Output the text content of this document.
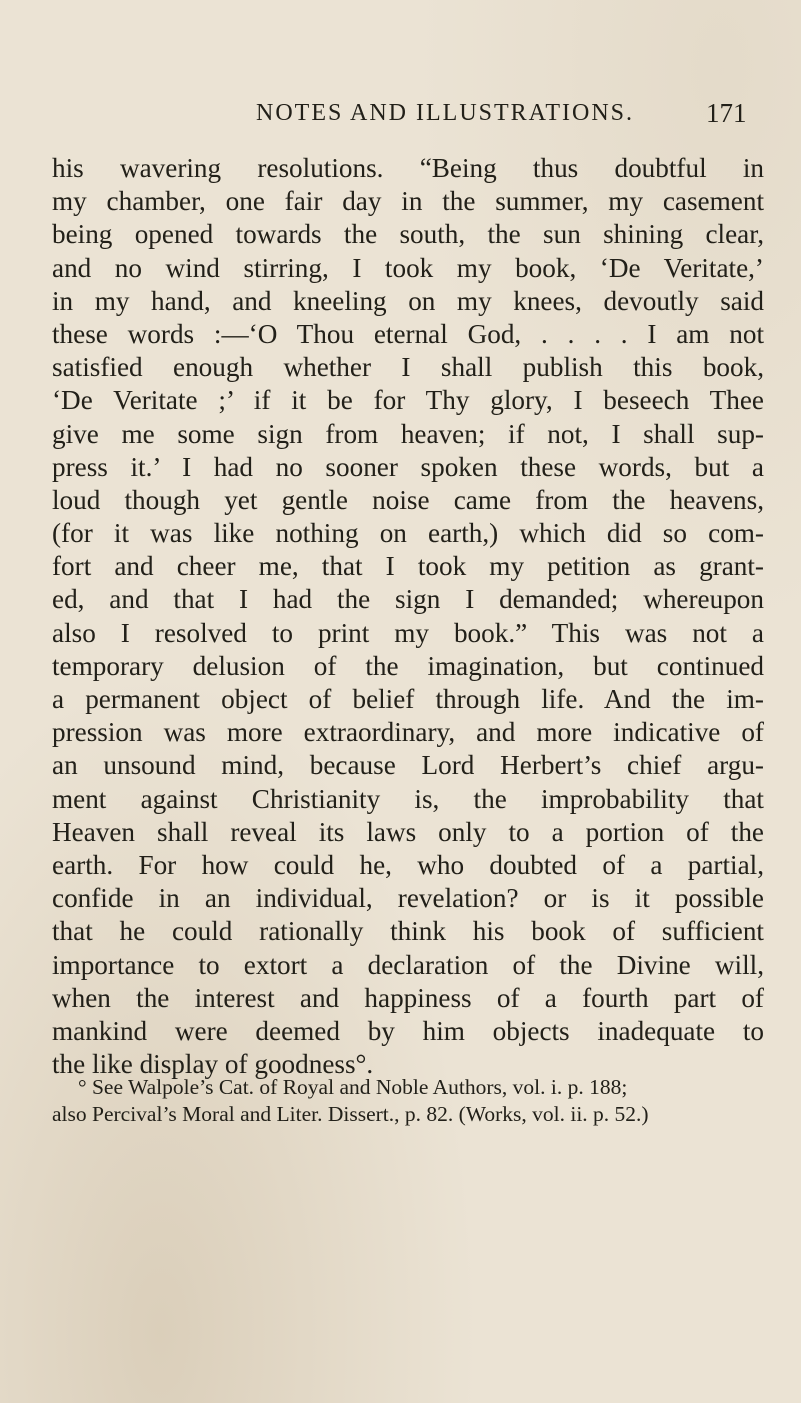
NOTES AND ILLUSTRATIONS.	171
his wavering resolutions. “Being thus doubtful in
my chamber, one fair day in the summer, my casement
being opened towards the south, the sun shining clear,
and no wind stirring, I took my book, ‘De Veritate,’
in my hand, and kneeling on my knees, devoutly said
these words :—‘O Thou eternal God, . . . . I am not
satisfied enough whether I shall publish this book,
‘De Veritate ;’ if it be for Thy glory, I beseech Thee
give me some sign from heaven; if not, I shall sup-
press it.’ I had no sooner spoken these words, but a
loud though yet gentle noise came from the heavens,
(for it was like nothing on earth,) which did so com-
fort and cheer me, that I took my petition as grant-
ed, and that I had the sign I demanded; whereupon
also I resolved to print my book.” This was not a
temporary delusion of the imagination, but continued
a permanent object of belief through life. And the im-
pression was more extraordinary, and more indicative of
an unsound mind, because Lord Herbert’s chief argu-
ment against Christianity is, the improbability that
Heaven shall reveal its laws only to a portion of the
earth. For how could he, who doubted of a partial,
confide in an individual, revelation? or is it possible
that he could rationally think his book of sufficient
importance to extort a declaration of the Divine will,
when the interest and happiness of a fourth part of
mankind were deemed by him objects inadequate to
the like display of goodness°.
° See Walpole’s Cat. of Royal and Noble Authors, vol. i. p. 188;
also Percival’s Moral and Liter. Dissert., p. 82. (Works, vol. ii. p. 52.)
